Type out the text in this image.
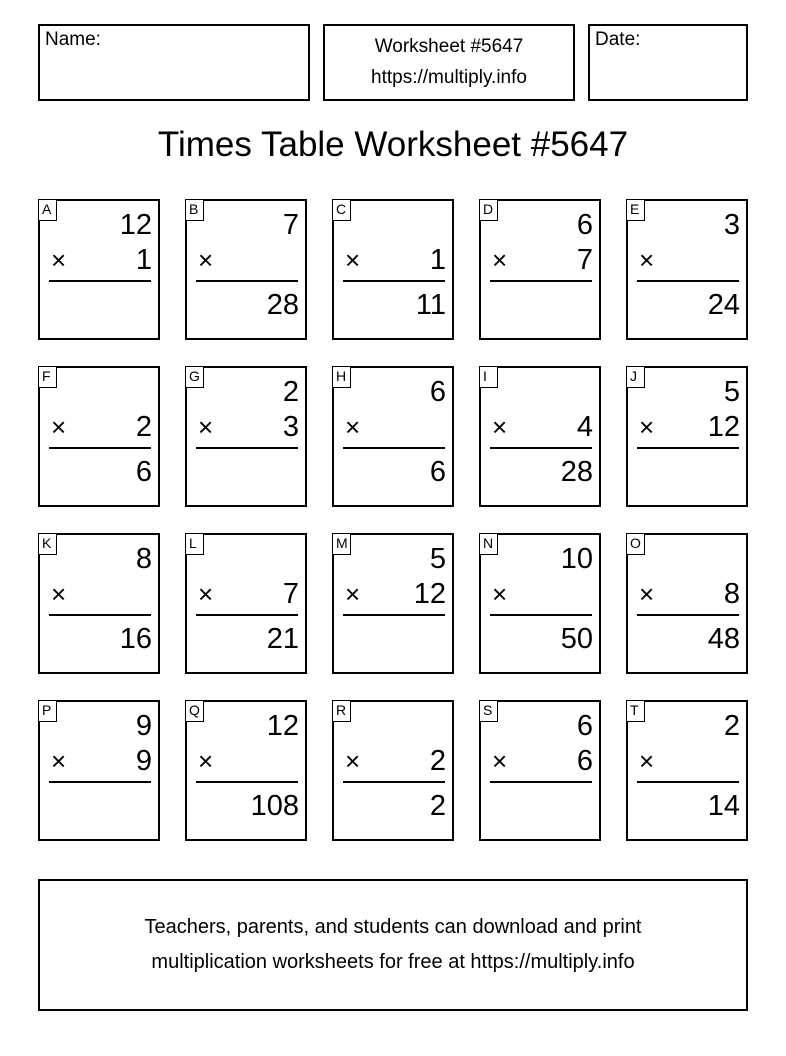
Name:	Worksheet #5647
https://multiply.info
Date:
Times Table Worksheet #5647
A 12
× 1
B	7
×
28
C
× 1
11
D	6
× 7
E	3
×
24
F
× 2
6
G	2
× 3
H	6
×
6
I
× 4
28
J	5
× 12
K	8
×
16
L
× 7
21
M	5
× 12
N 10
×
50
O
× 8
48
P	9
× 9
Q 12
×
108
R
× 2
2
S	6
× 6
T	2
×
14
Teachers, parents, and students can download and print
multiplication worksheets for free at https://multiply.info
